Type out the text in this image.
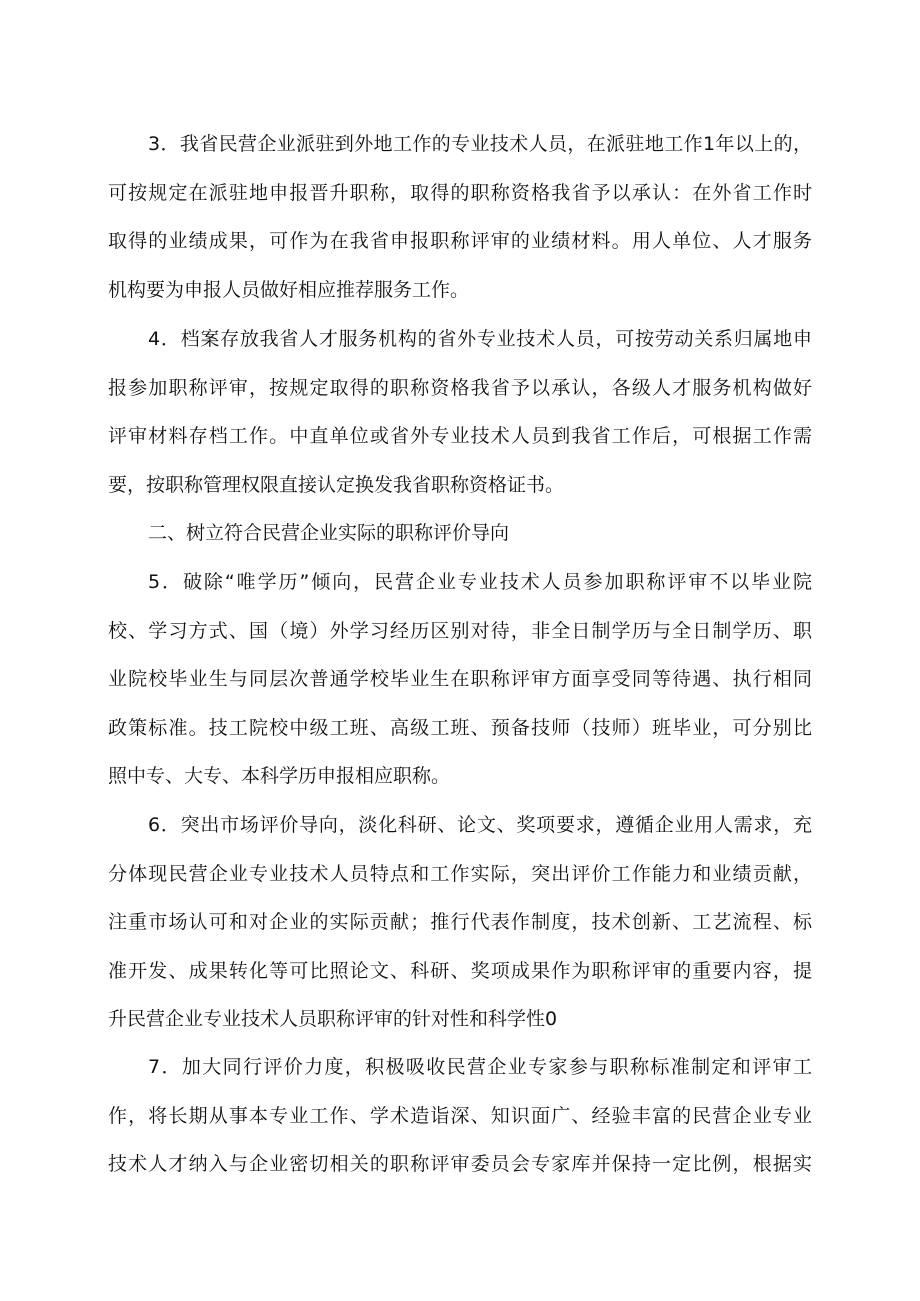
3．我省民营企业派驻到外地工作的专业技术人员，在派驻地工作1年以上的，
可按规定在派驻地申报晋升职称，取得的职称资格我省予以承认：在外省工作时
取得的业绩成果，可作为在我省申报职称评审的业绩材料。用人单位、人才服务
机构要为申报人员做好相应推荐服务工作。
4．档案存放我省人才服务机构的省外专业技术人员，可按劳动关系归属地申
报参加职称评审，按规定取得的职称资格我省予以承认，各级人才服务机构做好
评审材料存档工作。中直单位或省外专业技术人员到我省工作后，可根据工作需
要，按职称管理权限直接认定换发我省职称资格证书。
二、树立符合民营企业实际的职称评价导向
5．破除“唯学历”倾向，民营企业专业技术人员参加职称评审不以毕业院
校、学习方式、国（境）外学习经历区别对待，非全日制学历与全日制学历、职
业院校毕业生与同层次普通学校毕业生在职称评审方面享受同等待遇、执行相同
政策标准。技工院校中级工班、高级工班、预备技师（技师）班毕业，可分别比
照中专、大专、本科学历申报相应职称。
6．突出市场评价导向，淡化科研、论文、奖项要求，遵循企业用人需求，充
分体现民营企业专业技术人员特点和工作实际，突出评价工作能力和业绩贡献，
注重市场认可和对企业的实际贡献；推行代表作制度，技术创新、工艺流程、标
准开发、成果转化等可比照论文、科研、奖项成果作为职称评审的重要内容，提
升民营企业专业技术人员职称评审的针对性和科学性0
7．加大同行评价力度，积极吸收民营企业专家参与职称标准制定和评审工
作，将长期从事本专业工作、学术造诣深、知识面广、经验丰富的民营企业专业
技术人才纳入与企业密切相关的职称评审委员会专家库并保持一定比例，根据实
